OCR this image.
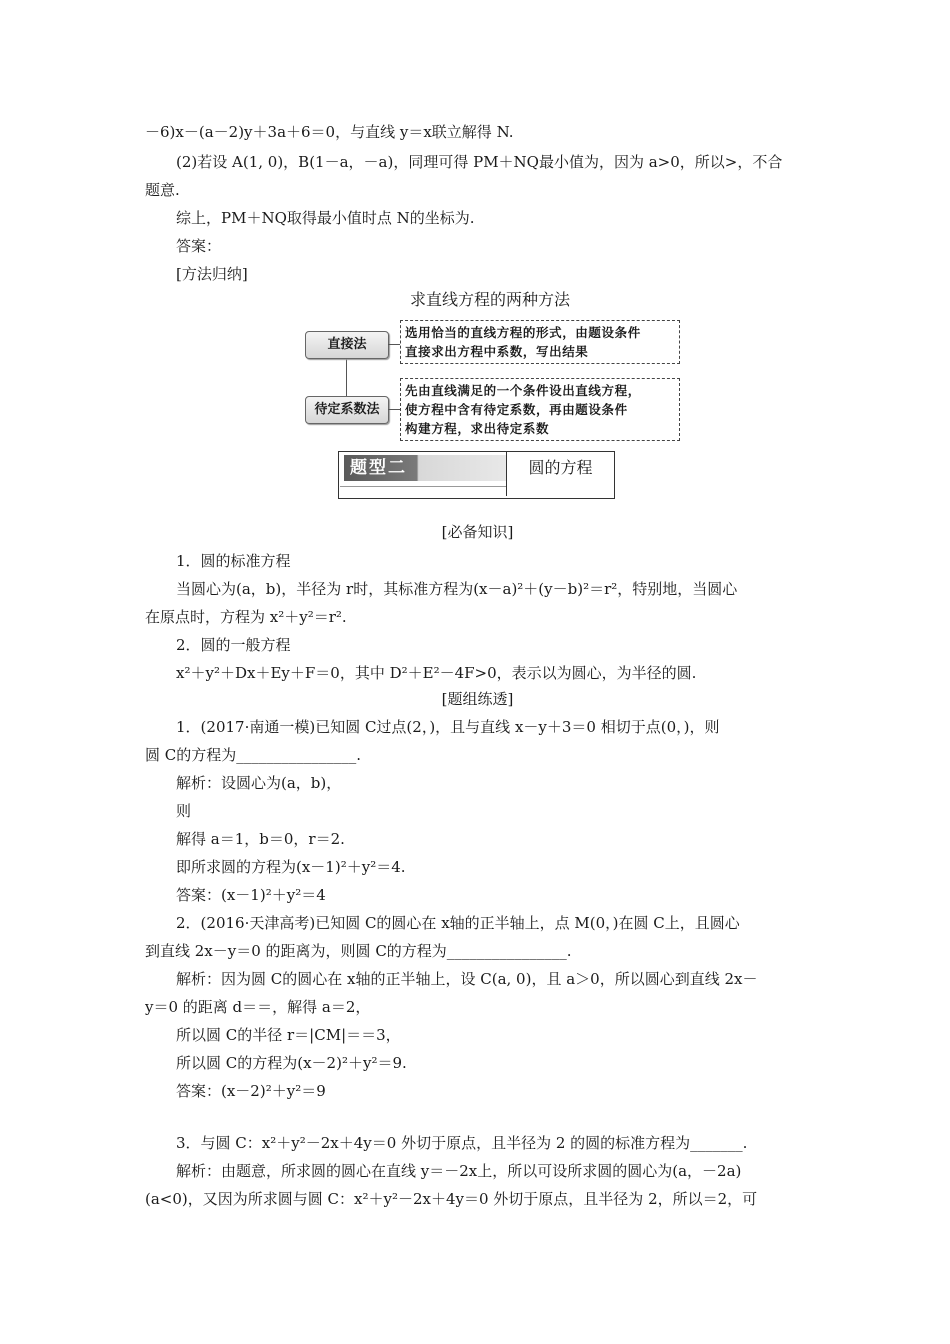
－6)x－(a－2)y＋3a＋6＝0，与直线 y＝x联立解得 N.
(2)若设 A(1, 0)，B(1－a，－a)，同理可得 PM＋NQ最小值为，因为 a>0，所以>，不合
题意.
综上，PM＋NQ取得最小值时点 N的坐标为.
答案：
[方法归纳]
求直线方程的两种方法
直接法
选用恰当的直线方程的形式，由题设条件
直接求出方程中系数，写出结果
待定系数法
先由直线满足的一个条件设出直线方程，
使方程中含有待定系数，再由题设条件
构建方程，求出待定系数
题型二	圆的方程
[必备知识]
1．圆的标准方程
当圆心为(a，b)，半径为 r时，其标准方程为(x－a)²＋(y－b)²＝r²，特别地，当圆心
在原点时，方程为 x²＋y²＝r².
2．圆的一般方程
x²＋y²＋Dx＋Ey＋F＝0，其中 D²＋E²－4F>0，表示以为圆心，为半径的圆.
[题组练透]
1．(2017·南通一模)已知圆 C过点(2，)，且与直线 x－y＋3＝0 相切于点(0，)，则
圆 C的方程为________________.
解析：设圆心为(a，b)，
则
解得 a＝1，b＝0，r＝2.
即所求圆的方程为(x－1)²＋y²＝4.
答案：(x－1)²＋y²＝4
2．(2016·天津高考)已知圆 C的圆心在 x轴的正半轴上，点 M(0，)在圆 C上，且圆心
到直线 2x－y＝0 的距离为，则圆 C的方程为________________.
解析：因为圆 C的圆心在 x轴的正半轴上，设 C(a, 0)，且 a＞0，所以圆心到直线 2x－
y＝0 的距离 d＝＝，解得 a＝2，
所以圆 C的半径 r＝|CM|＝＝3，
所以圆 C的方程为(x－2)²＋y²＝9.
答案：(x－2)²＋y²＝9
3．与圆 C：x²＋y²－2x＋4y＝0 外切于原点，且半径为 2 的圆的标准方程为_______.
解析：由题意，所求圆的圆心在直线 y＝－2x上，所以可设所求圆的圆心为(a，－2a)
(a<0)，又因为所求圆与圆 C：x²＋y²－2x＋4y＝0 外切于原点，且半径为 2，所以＝2，可
